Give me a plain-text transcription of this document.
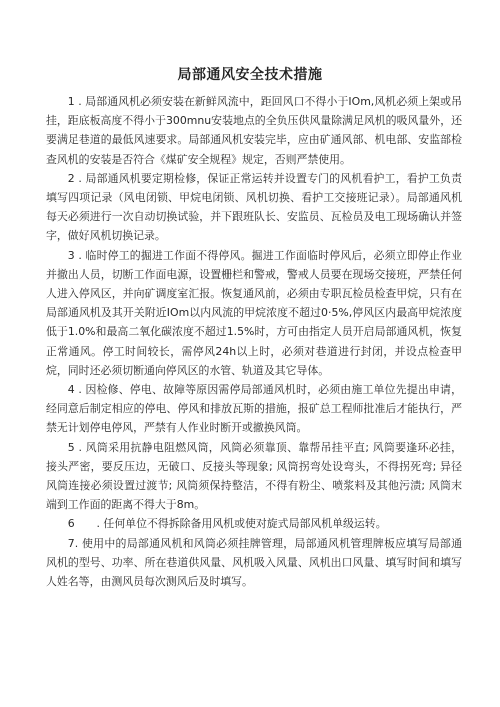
局部通风安全技术措施

1 . 局部通风机必须安装在新鲜风流中，距回风口不得小于IOm,风机必须上架或吊挂，距底板高度不得小于300mnu安装地点的全负压供风量除满足风机的吸风量外，还要满足巷道的最低风速要求。局部通风机安装完毕，应由矿通风部、机电部、安监部检查风机的安装是否符合《煤矿安全规程》规定，否则严禁使用。

2 . 局部通风机要定期检修，保证正常运转并设置专门的风机看护工，看护工负责填写四项记录（风电闭锁、甲烷电闭锁、风机切换、看护工交接班记录）。局部通风机每天必须进行一次自动切换试验，并下跟班队长、安监员、瓦检员及电工现场确认并签字，做好风机切换记录。

3 . 临时停工的掘进工作面不得停风。掘进工作面临时停风后，必须立即停止作业并撤出人员，切断工作面电源，设置栅栏和警戒，警戒人员要在现场交接班，严禁任何人进入停风区，并向矿调度室汇报。恢复通风前，必须由专职瓦检员检查甲烷，只有在局部通风机及其开关附近IOm以内风流的甲烷浓度不超过0·5%,停风区内最高甲烷浓度低于1.0%和最高二氧化碳浓度不超过1.5%时，方可由指定人员开启局部通风机，恢复正常通风。停工时间较长，需停风24h以上时，必须对巷道进行封闭，并设点检查甲烷，同时还必须切断通向停风区的水管、轨道及其它导体。

4 . 因检修、停电、故障等原因需停局部通风机时，必须由施工单位先提出申请，经同意后制定相应的停电、停风和排放瓦斯的措施，报矿总工程师批准后才能执行，严禁无计划停电停风，严禁有人作业时断开或撤换风筒。

5 . 风筒采用抗静电阻燃风筒，风筒必须靠顶、靠帮吊挂平直; 风筒要逢环必挂，接头严密，要反压边，无破口、反接头等现象; 风筒拐弯处设弯头，不得拐死弯; 异径风筒连接必须设置过渡节; 风筒须保持整洁，不得有粉尘、喷浆料及其他污渍; 风筒末端到工作面的距离不得大于8m。

6　　. 任何单位不得拆除备用风机或使对旋式局部风机单级运转。

7. 使用中的局部通风机和风筒必须挂牌管理，局部通风机管理牌板应填写局部通风机的型号、功率、所在巷道供风量、风机吸入风量、风机出口风量、填写时间和填写人姓名等，由测风员每次测风后及时填写。
